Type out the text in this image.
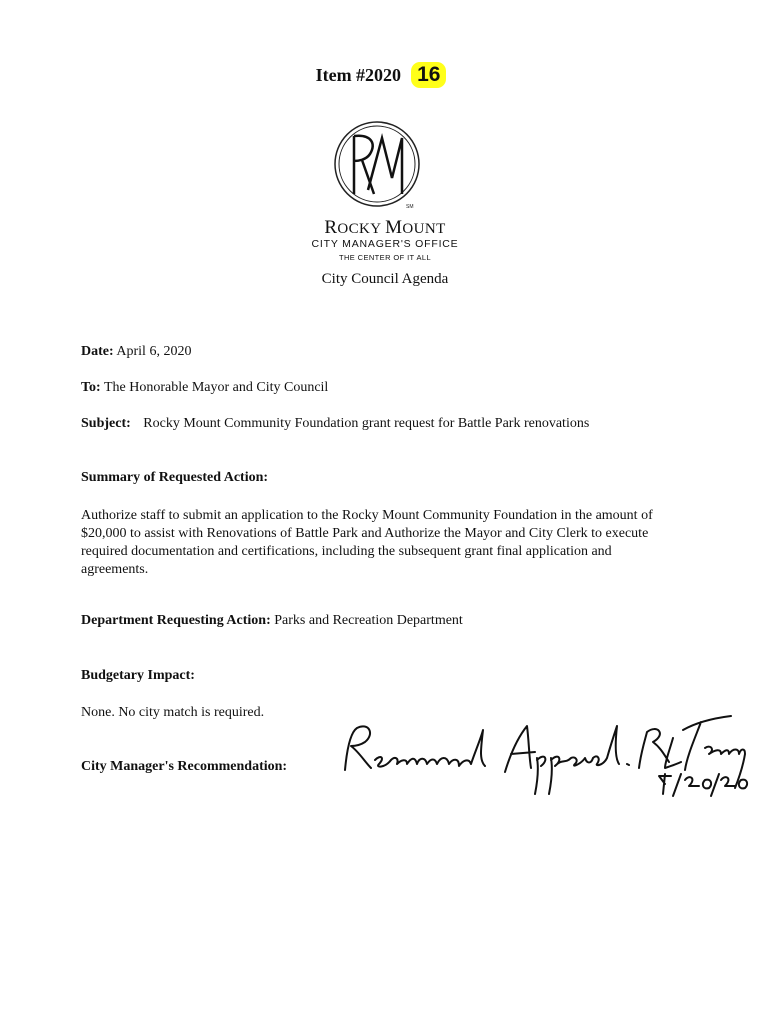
Item #2020 16
SM
ROCKY MOUNT
CITY MANAGER'S OFFICE
THE CENTER OF IT ALL
City Council Agenda
Date: April 6, 2020
To: The Honorable Mayor and City Council
Subject: Rocky Mount Community Foundation grant request for Battle Park renovations
Summary of Requested Action:
Authorize staff to submit an application to the Rocky Mount Community Foundation in the amount of $20,000 to assist with Renovations of Battle Park and Authorize the Mayor and City Clerk to execute required documentation and certifications, including the subsequent grant final application and agreements.
Department Requesting Action: Parks and Recreation Department
Budgetary Impact:
None. No city match is required.
City Manager's Recommendation:
